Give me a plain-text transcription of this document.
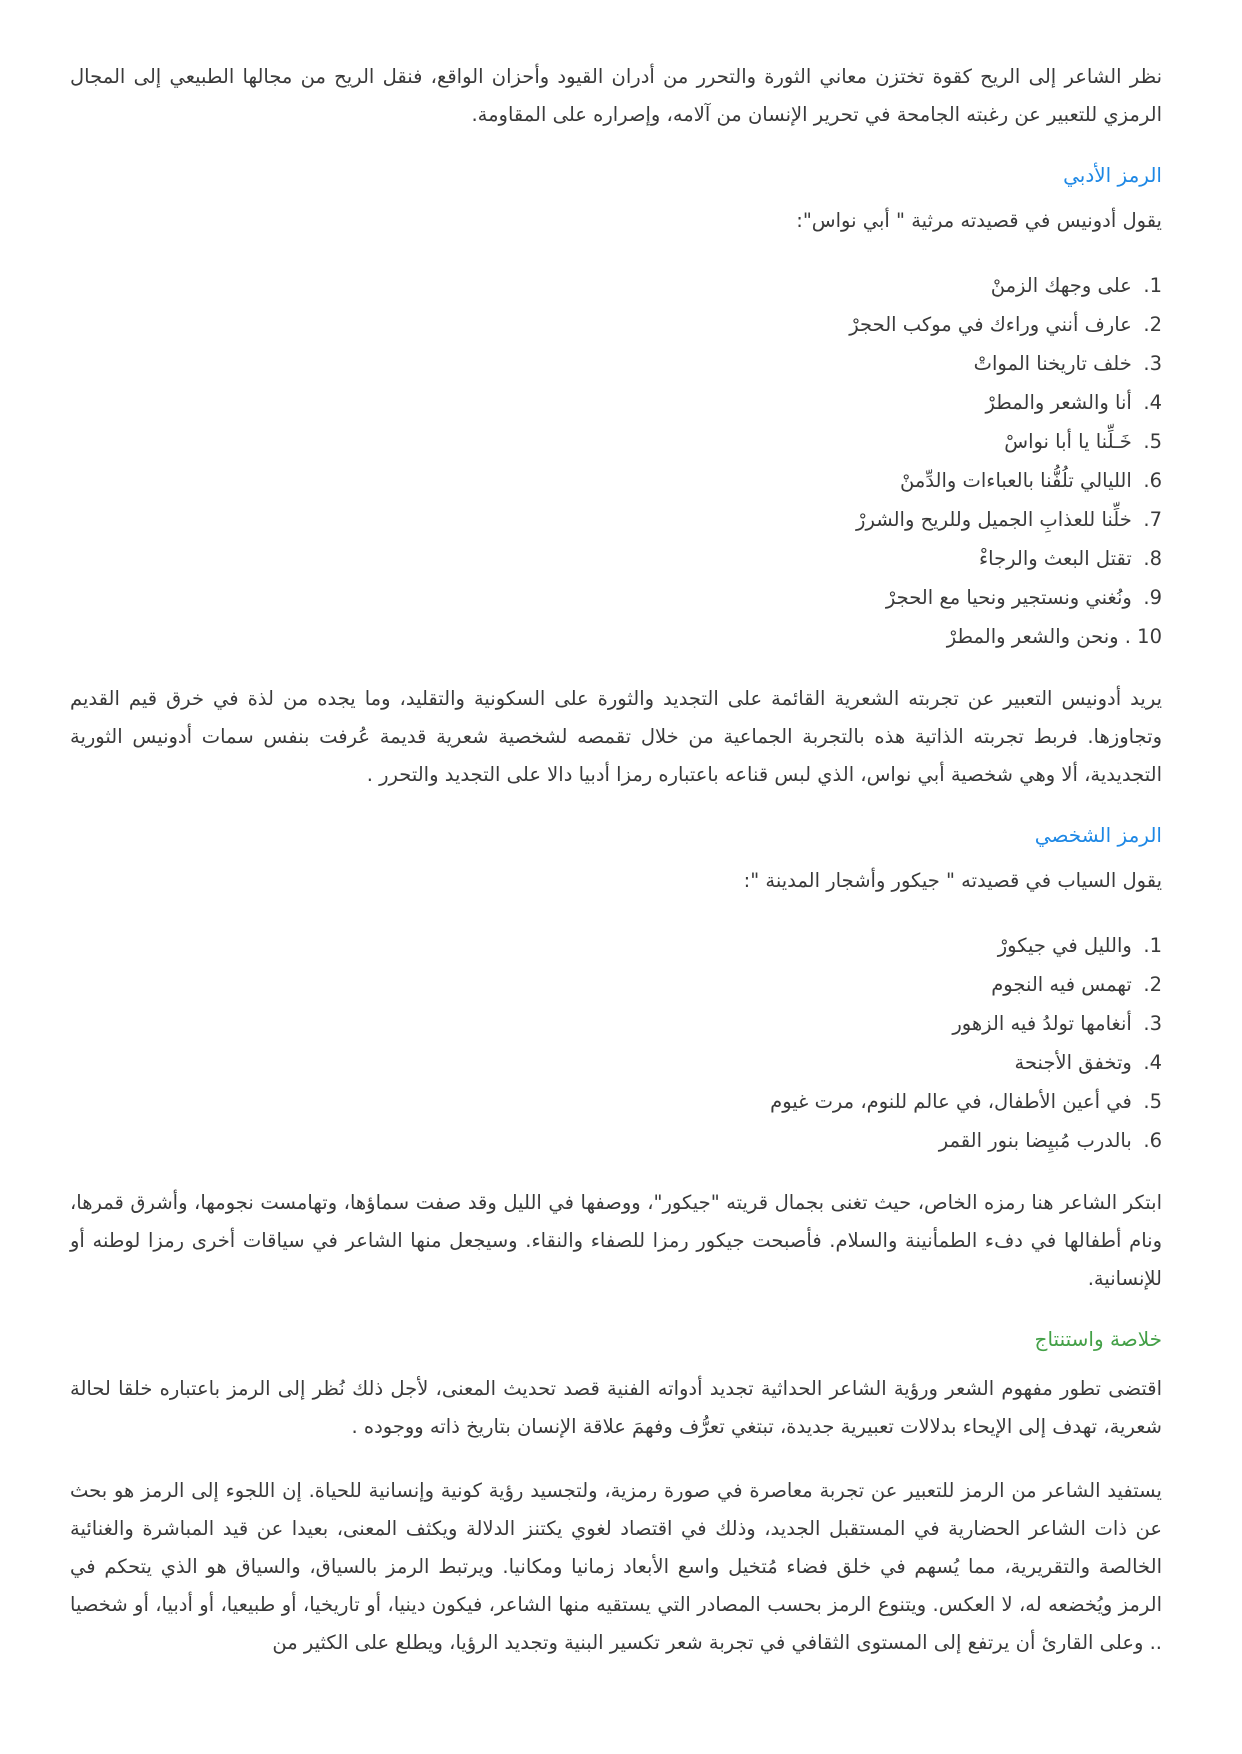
نظر الشاعر إلى الريح كقوة تختزن معاني الثورة والتحرر من أدران القيود وأحزان الواقع، فنقل الريح من مجالها الطبيعي إلى المجال الرمزي للتعبير عن رغبته الجامحة في تحرير الإنسان من آلامه، وإصراره على المقاومة.

الرمز الأدبي

يقول أدونيس في قصيدته مرثية " أبي نواس":

1. على وجهك الزمنْ
2. عارف أنني وراءك في موكب الحجرْ
3. خلف تاريخنا المواتْ
4. أنا والشعر والمطرْ
5. خَـلِّنا يا أبا نواسْ
6. الليالي تلُفُّنا بالعباءات والدِّمنْ
7. خلِّنا للعذابِ الجميل وللريح والشررْ
8. تقتل البعث والرجاءْ
9. ونُغني ونستجير ونحيا مع الحجرْ
10 . ونحن والشعر والمطرْ

يريد أدونيس التعبير عن تجربته الشعرية القائمة على التجديد والثورة على السكونية والتقليد، وما يجده من لذة في خرق قيم القديم وتجاوزها. فربط تجربته الذاتية هذه بالتجربة الجماعية من خلال تقمصه لشخصية شعرية قديمة عُرفت بنفس سمات أدونيس الثورية التجديدية، ألا وهي شخصية أبي نواس، الذي لبس قناعه باعتباره رمزا أدبيا دالا على التجديد والتحرر .

الرمز الشخصي

يقول السياب في قصيدته " جيكور وأشجار المدينة ":

1. والليل في جيكورْ
2. تهمس فيه النجوم
3. أنغامها تولدُ فيه الزهور
4. وتخفق الأجنحة
5. في أعين الأطفال، في عالم للنوم، مرت غيوم
6. بالدرب مُبيِضا بنور القمر

ابتكر الشاعر هنا رمزه الخاص، حيث تغنى بجمال قريته "جيكور"، ووصفها في الليل وقد صفت سماؤها، وتهامست نجومها، وأشرق قمرها، ونام أطفالها في دفء الطمأنينة والسلام. فأصبحت جيكور رمزا للصفاء والنقاء. وسيجعل منها الشاعر في سياقات أخرى رمزا لوطنه أو للإنسانية.

خلاصة واستنتاج

اقتضى تطور مفهوم الشعر ورؤية الشاعر الحداثية تجديد أدواته الفنية قصد تحديث المعنى، لأجل ذلك نُظر إلى الرمز باعتباره خلقا لحالة شعرية، تهدف إلى الإيحاء بدلالات تعبيرية جديدة، تبتغي تعرُّف وفهمَ علاقة الإنسان بتاريخ ذاته ووجوده .

يستفيد الشاعر من الرمز للتعبير عن تجربة معاصرة في صورة رمزية، ولتجسيد رؤية كونية وإنسانية للحياة. إن اللجوء إلى الرمز هو بحث عن ذات الشاعر الحضارية في المستقبل الجديد، وذلك في اقتصاد لغوي يكتنز الدلالة ويكثف المعنى، بعيدا عن قيد المباشرة والغنائية الخالصة والتقريرية، مما يُسهم في خلق فضاء مُتخيل واسع الأبعاد زمانيا ومكانيا. ويرتبط الرمز بالسياق، والسياق هو الذي يتحكم في الرمز ويُخضعه له، لا العكس. ويتنوع الرمز بحسب المصادر التي يستقيه منها الشاعر، فيكون دينيا، أو تاريخيا، أو طبيعيا، أو أدبيا، أو شخصيا .. وعلى القارئ أن يرتفع إلى المستوى الثقافي في تجربة شعر تكسير البنية وتجديد الرؤيا، ويطلع على الكثير من
